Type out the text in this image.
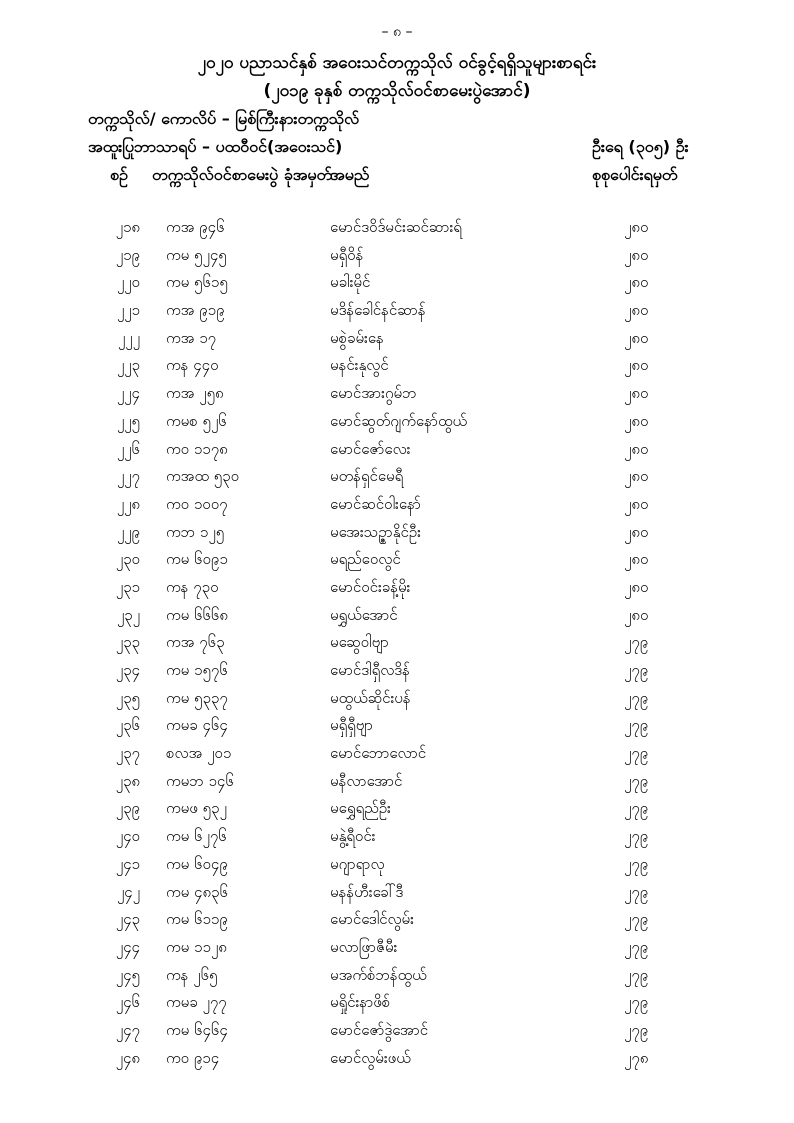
– ၈ –
၂၀၂၀ ပညာသင်နှစ် အဝေးသင်တက္ကသိုလ် ဝင်ခွင့်ရရှိသူများစာရင်း
(၂၀၁၉ ခုနှစ် တက္ကသိုလ်ဝင်စာမေးပွဲအောင်)
တက္ကသိုလ်/ ကောလိပ် – မြစ်ကြီးနားတက္ကသိုလ်
အထူးပြုဘာသာရပ် – ပထဝီဝင်(အဝေးသင်)	ဦးရေ (၃၀၅) ဦး
စဉ် တက္ကသိုလ်ဝင်စာမေးပွဲ ခုံအမှတ်
အမည်	စုစုပေါင်းရမှတ်
၂၁၈ ကအ ၉၄၆	မောင်ဒဝိဒ်မင်းဆင်ဆားရ်	၂၈၀
၂၁၉ ကမ ၅၂၄၅	မရှီဝိန်	၂၈၀
၂၂၀ ကမ ၅၆၁၅	မခါးမိုင်	၂၈၀
၂၂၁ ကအ ၉၁၉	မဒိန်ခေါင်နင်ဆာန်	၂၈၀
၂၂၂ ကအ ၁၇	မစွဲခမ်းနေ	၂၈၀
၂၂၃ ကန ၄၄၀	မနင်းနုလွင်	၂၈၀
၂၂၄ ကအ ၂၅၈	မောင်အားဂွမ်ဘ	၂၈၀
၂၂၅ ကမစ ၅၂၆	မောင်ဆွတ်ဂျက်နော်ထွယ်	၂၈၀
၂၂၆ ကဝ ၁၁၇၈	မောင်ဇော်လေး	၂၈၀
၂၂၇ ကအထ ၅၃၀	မတန်ရှင်မေရီ	၂၈၀
၂၂၈ ကဝ ၁၀၀၇	မောင်ဆင်ဝါးနော်	၂၈၀
၂၂၉ ကဘ ၁၂၅	မအေးသဉ္ဇာနိုင်ဦး	၂၈၀
၂၃၀ ကမ ၆၀၉၁	မရည်ဝေလွင်	၂၈၀
၂၃၁ ကန ၇၃၀	မောင်ဝင်းခန့်မိုး	၂၈၀
၂၃၂ ကမ ၆၆၆၈	မရွှယ်အောင်	၂၈၀
၂၃၃ ကအ ၇၆၃	မဆွေဝါဗျာ	၂၇၉
၂၃၄ ကမ ၁၅၇၆	မောင်ဒါရှီလဒိန်	၂၇၉
၂၃၅ ကမ ၅၃၃၇	မထွယ်ဆိုင်းပန်	၂၇၉
၂၃၆ ကမခ ၄၆၄	မရှီရှီဗျာ	၂၇၉
၂၃၇ စလအ ၂၀၁	မောင်ဘောလောင်	၂၇၉
၂၃၈ ကမဘ ၁၄၆	မနီလာအောင်	၂၇၉
၂၃၉ ကမဖ ၅၃၂	မရွှေရည်ဦး	၂၇၉
၂၄၀ ကမ ၆၂၇၆	မနွဲ့ရီဝင်း	၂၇၉
၂၄၁ ကမ ၆၀၄၉	မဂျာရာလု	၂၇၉
၂၄၂ ကမ ၄၈၃၆	မနန်ဟီးခေါ်ဒီ	၂၇၉
၂၄၃ ကမ ၆၁၁၉	မောင်ဒေါင်လွမ်း	၂၇၉
၂၄၄ ကမ ၁၁၂၈	မလာဖြာဇီမီး	၂၇၉
၂၄၅ ကန ၂၆၅	မအက်စ်ဘန်ထွယ်	၂၇၉
၂၄၆ ကမခ ၂၇၇	မရှိုင်းနာဖိစ်	၂၇၉
၂၄၇ ကမ ၆၄၆၄	မောင်ဇော်ဒွဲအောင်	၂၇၉
၂၄၈ ကဝ ၉၁၄	မောင်လွမ်းဖယ်	၂၇၈
